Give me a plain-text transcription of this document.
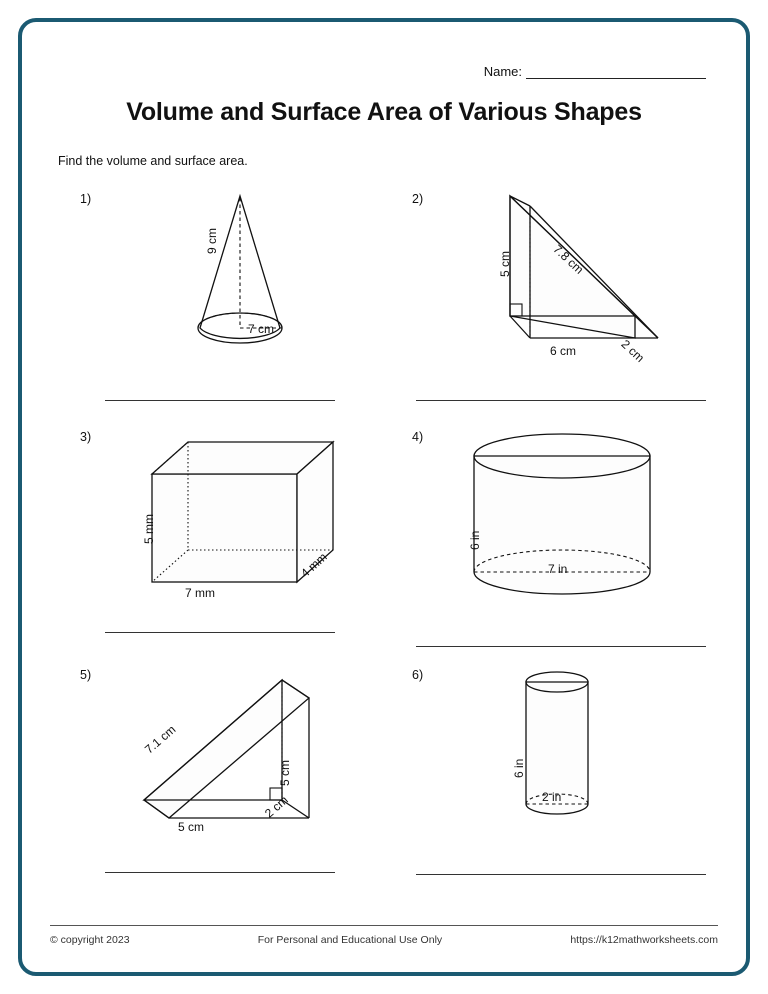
Name:
Volume and Surface Area of Various Shapes
Find the volume and surface area.
1)
9 cm
7 cm
2)
5 cm	7.8 cm
6 cm	2 cm
3)
5 mm
7 mm
4 mm
4)
6 in
7 in
5)
7.1 cm
5 cm
5 cm
2 cm
6)
6 in
2 in
© copyright 2023	For Personal and Educational Use Only	https://k12mathworksheets.com
